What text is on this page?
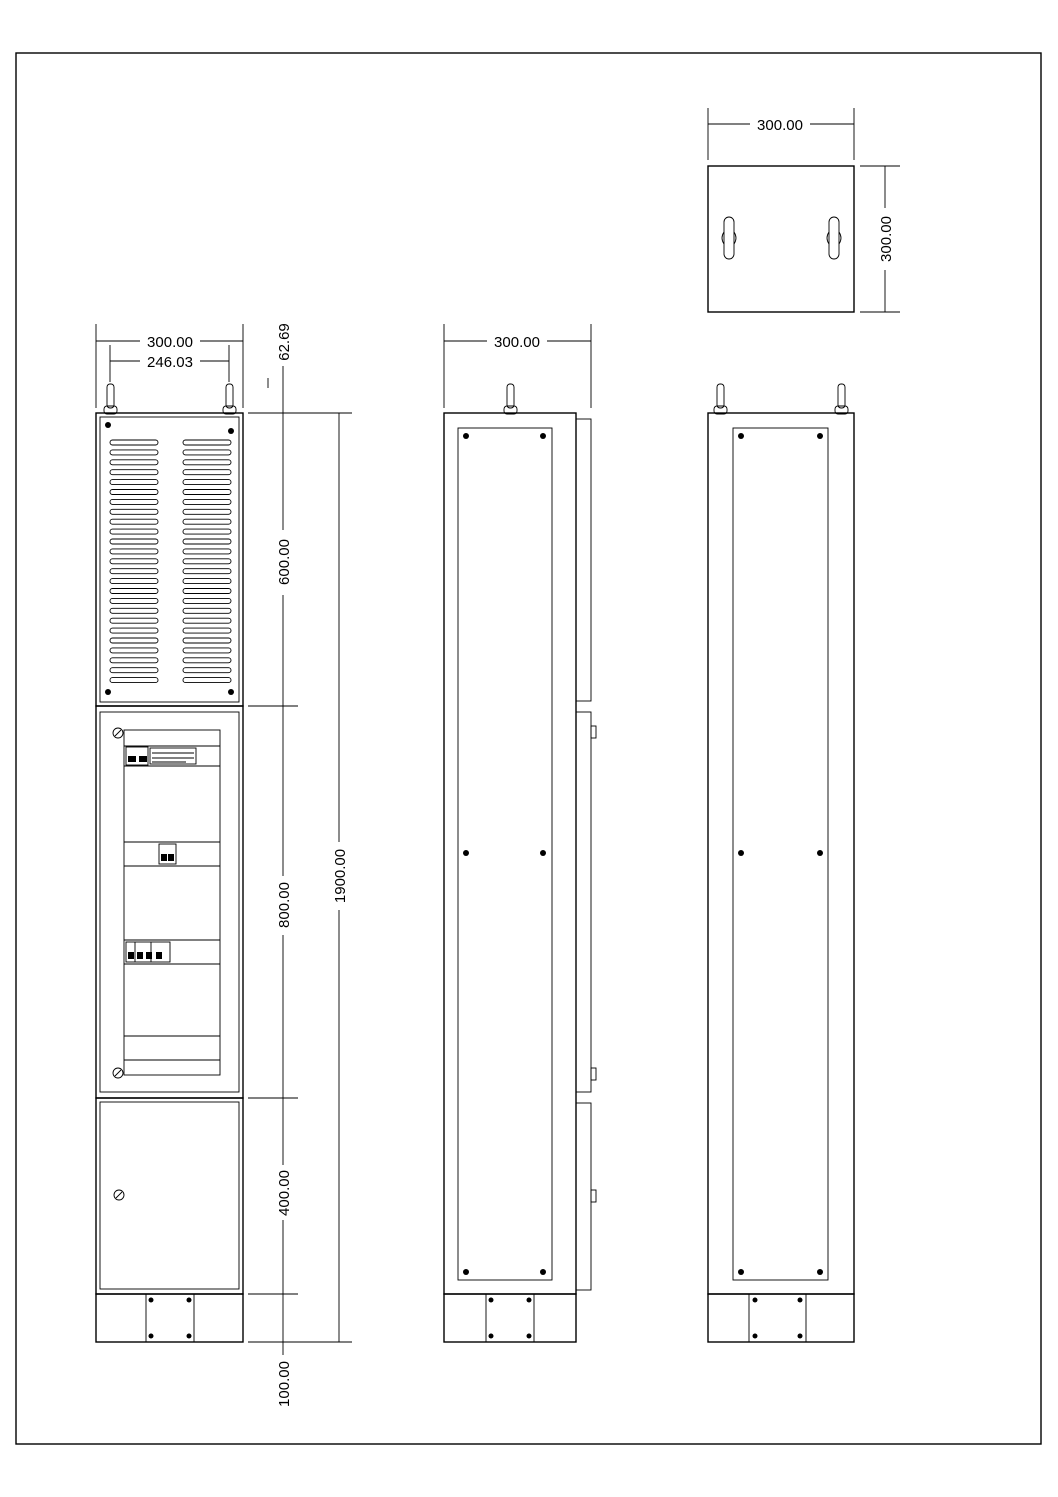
300.00
300.00
300.00
246.03
62.69
600.00
800.00
400.00
100.00
1900.00
300.00
